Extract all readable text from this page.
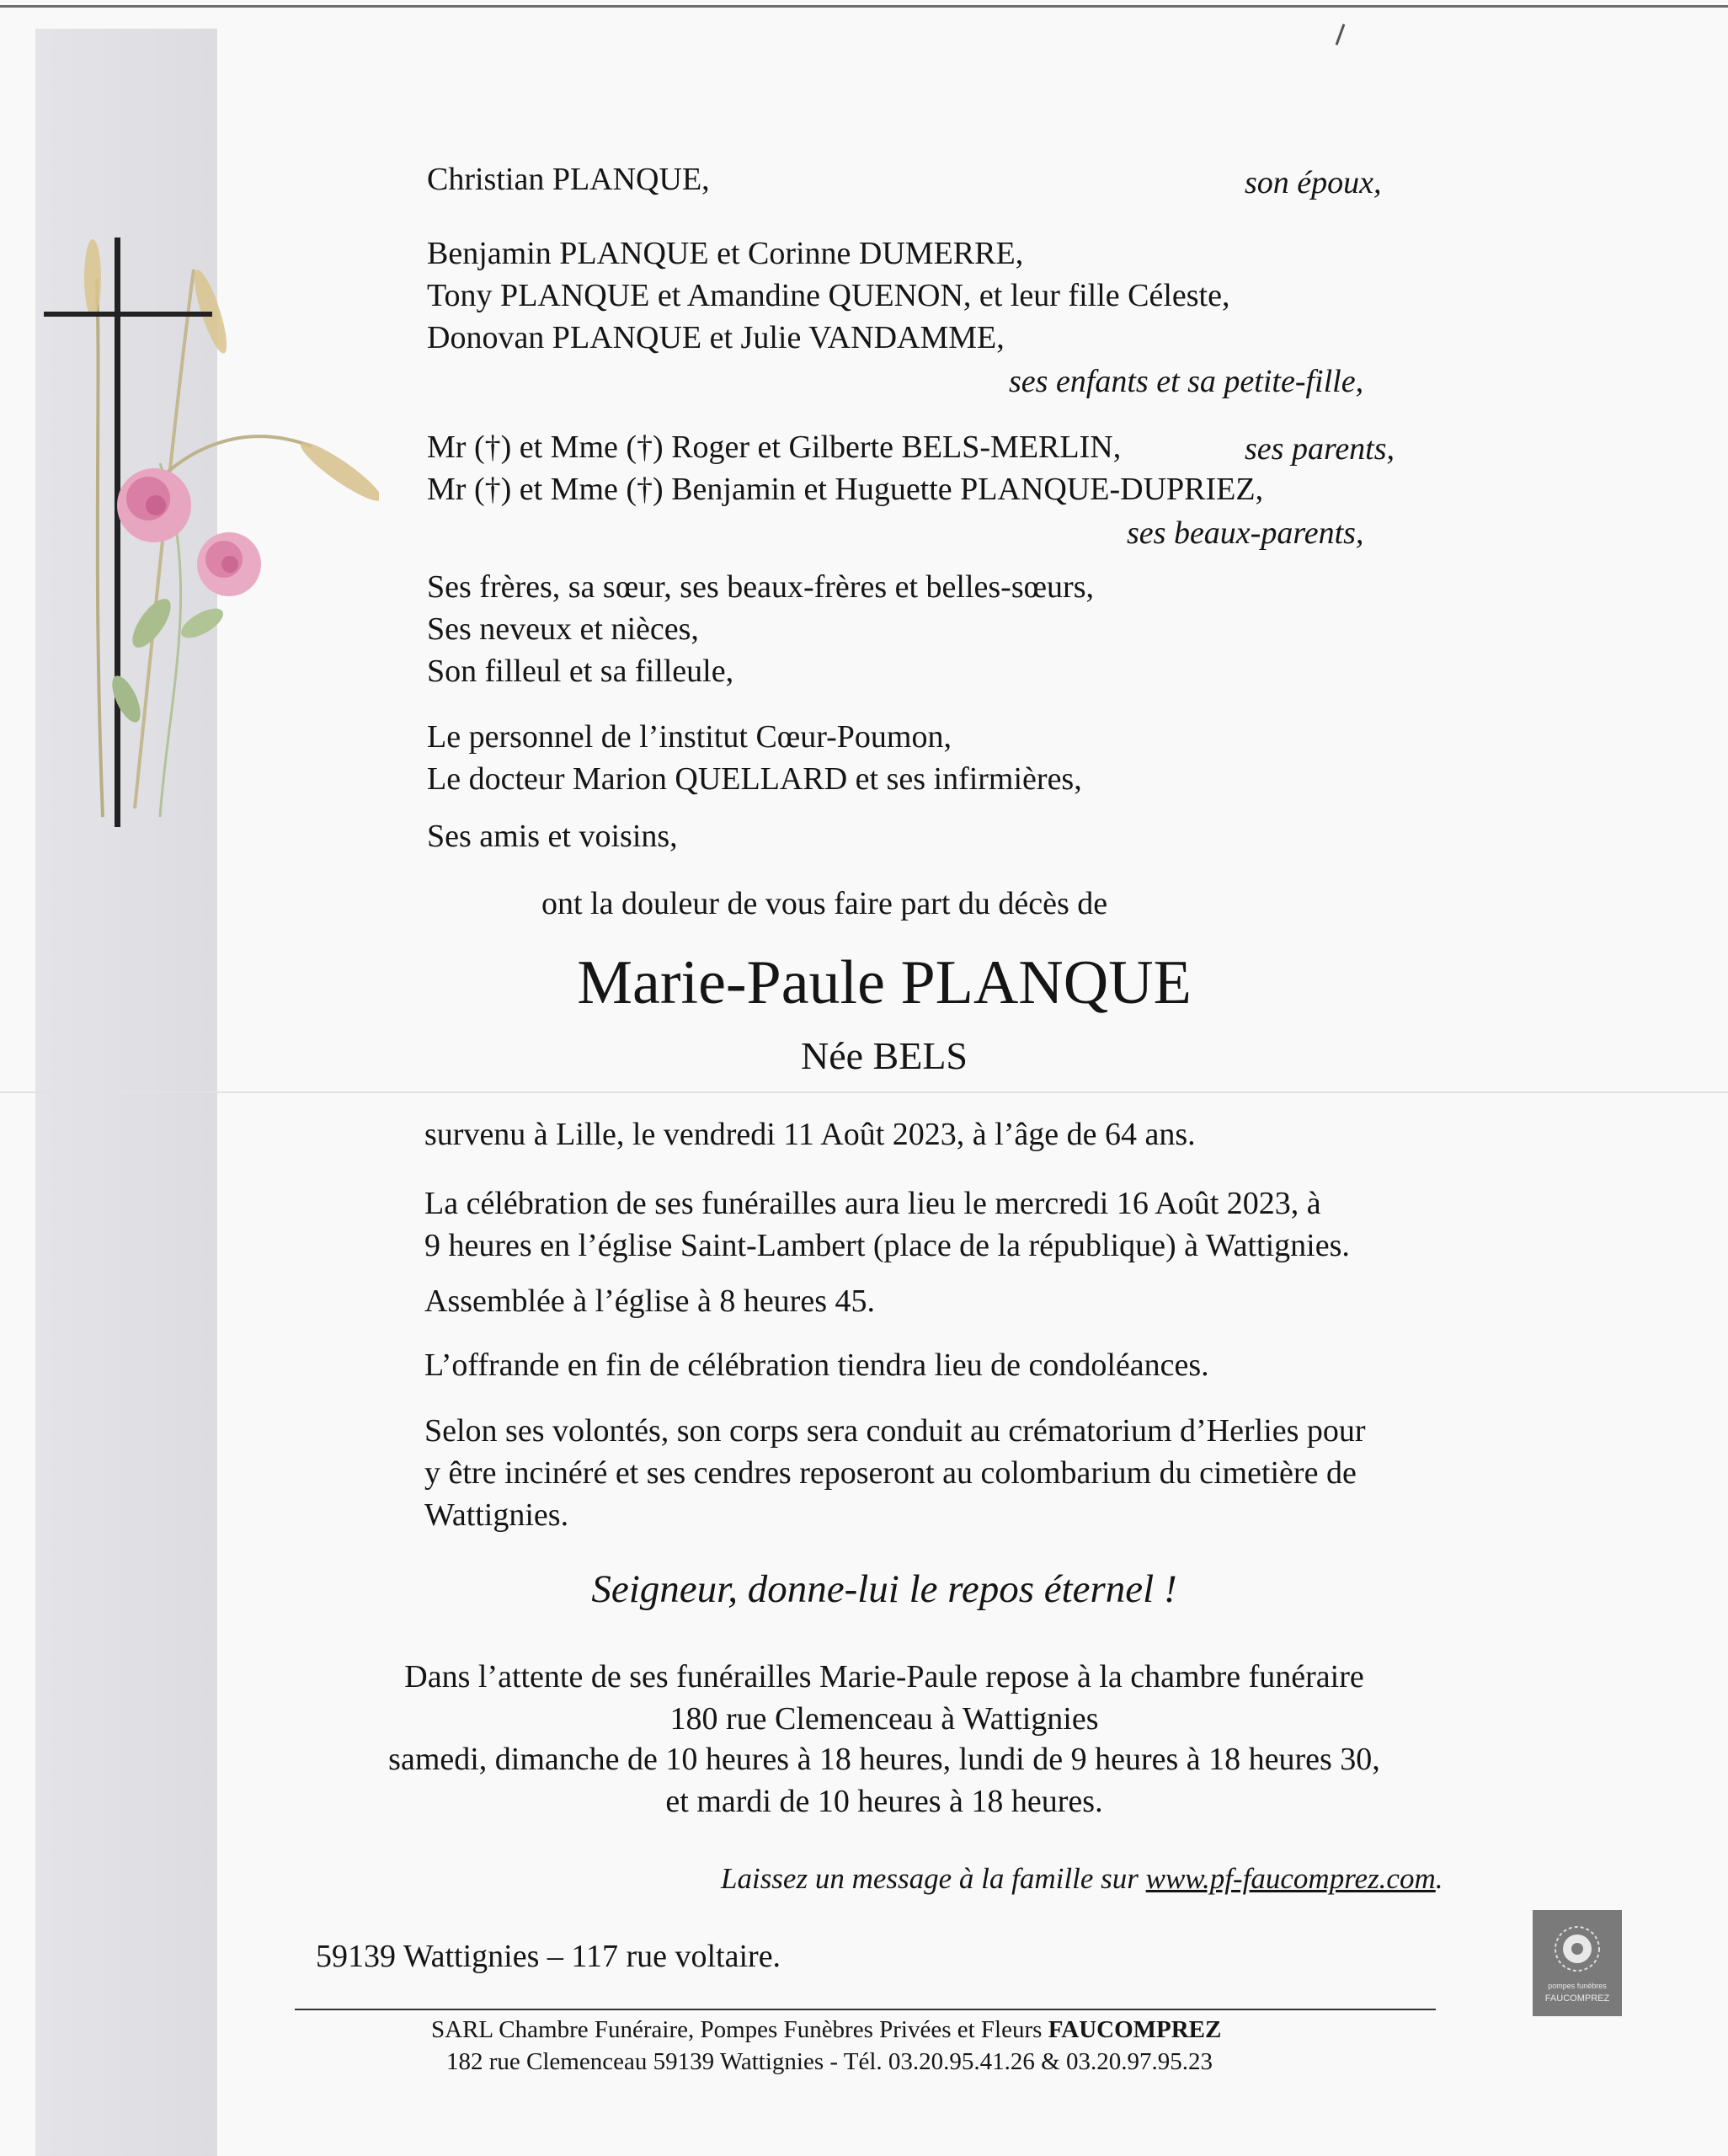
Christian PLANQUE,	son époux,

Benjamin PLANQUE et Corinne DUMERRE,

Tony PLANQUE et Amandine QUENON, et leur fille Céleste,

Donovan PLANQUE et Julie VANDAMME,

ses enfants et sa petite-fille,

Mr (†) et Mme (†) Roger et Gilberte BELS-MERLIN,	ses parents,

Mr (†) et Mme (†) Benjamin et Huguette PLANQUE-DUPRIEZ,

ses beaux-parents,

Ses frères, sa sœur, ses beaux-frères et belles-sœurs,

Ses neveux et nièces,

Son filleul et sa filleule,

Le personnel de l’institut Cœur-Poumon,

Le docteur Marion QUELLARD et ses infirmières,

Ses amis et voisins,

ont la douleur de vous faire part du décès de

Marie-Paule PLANQUE

Née BELS

survenu à Lille, le vendredi 11 Août 2023, à l’âge de 64 ans.

La célébration de ses funérailles aura lieu le mercredi 16 Août 2023, à

9 heures en l’église Saint-Lambert (place de la république) à Wattignies.

Assemblée à l’église à 8 heures 45.

L’offrande en fin de célébration tiendra lieu de condoléances.

Selon ses volontés, son corps sera conduit au crématorium d’Herlies pour

y être incinéré et ses cendres reposeront au colombarium du cimetière de

Wattignies.

Seigneur, donne-lui le repos éternel !

Dans l’attente de ses funérailles Marie-Paule repose à la chambre funéraire

180 rue Clemenceau à Wattignies

samedi, dimanche de 10 heures à 18 heures, lundi de 9 heures à 18 heures 30,

et mardi de 10 heures à 18 heures.

Laissez un message à la famille sur www.pf-faucomprez.com.

59139 Wattignies – 117 rue voltaire.

pompes funèbres
FAUCOMPREZ

SARL Chambre Funéraire, Pompes Funèbres Privées et Fleurs FAUCOMPREZ

182 rue Clemenceau 59139 Wattignies - Tél. 03.20.95.41.26 & 03.20.97.95.23
